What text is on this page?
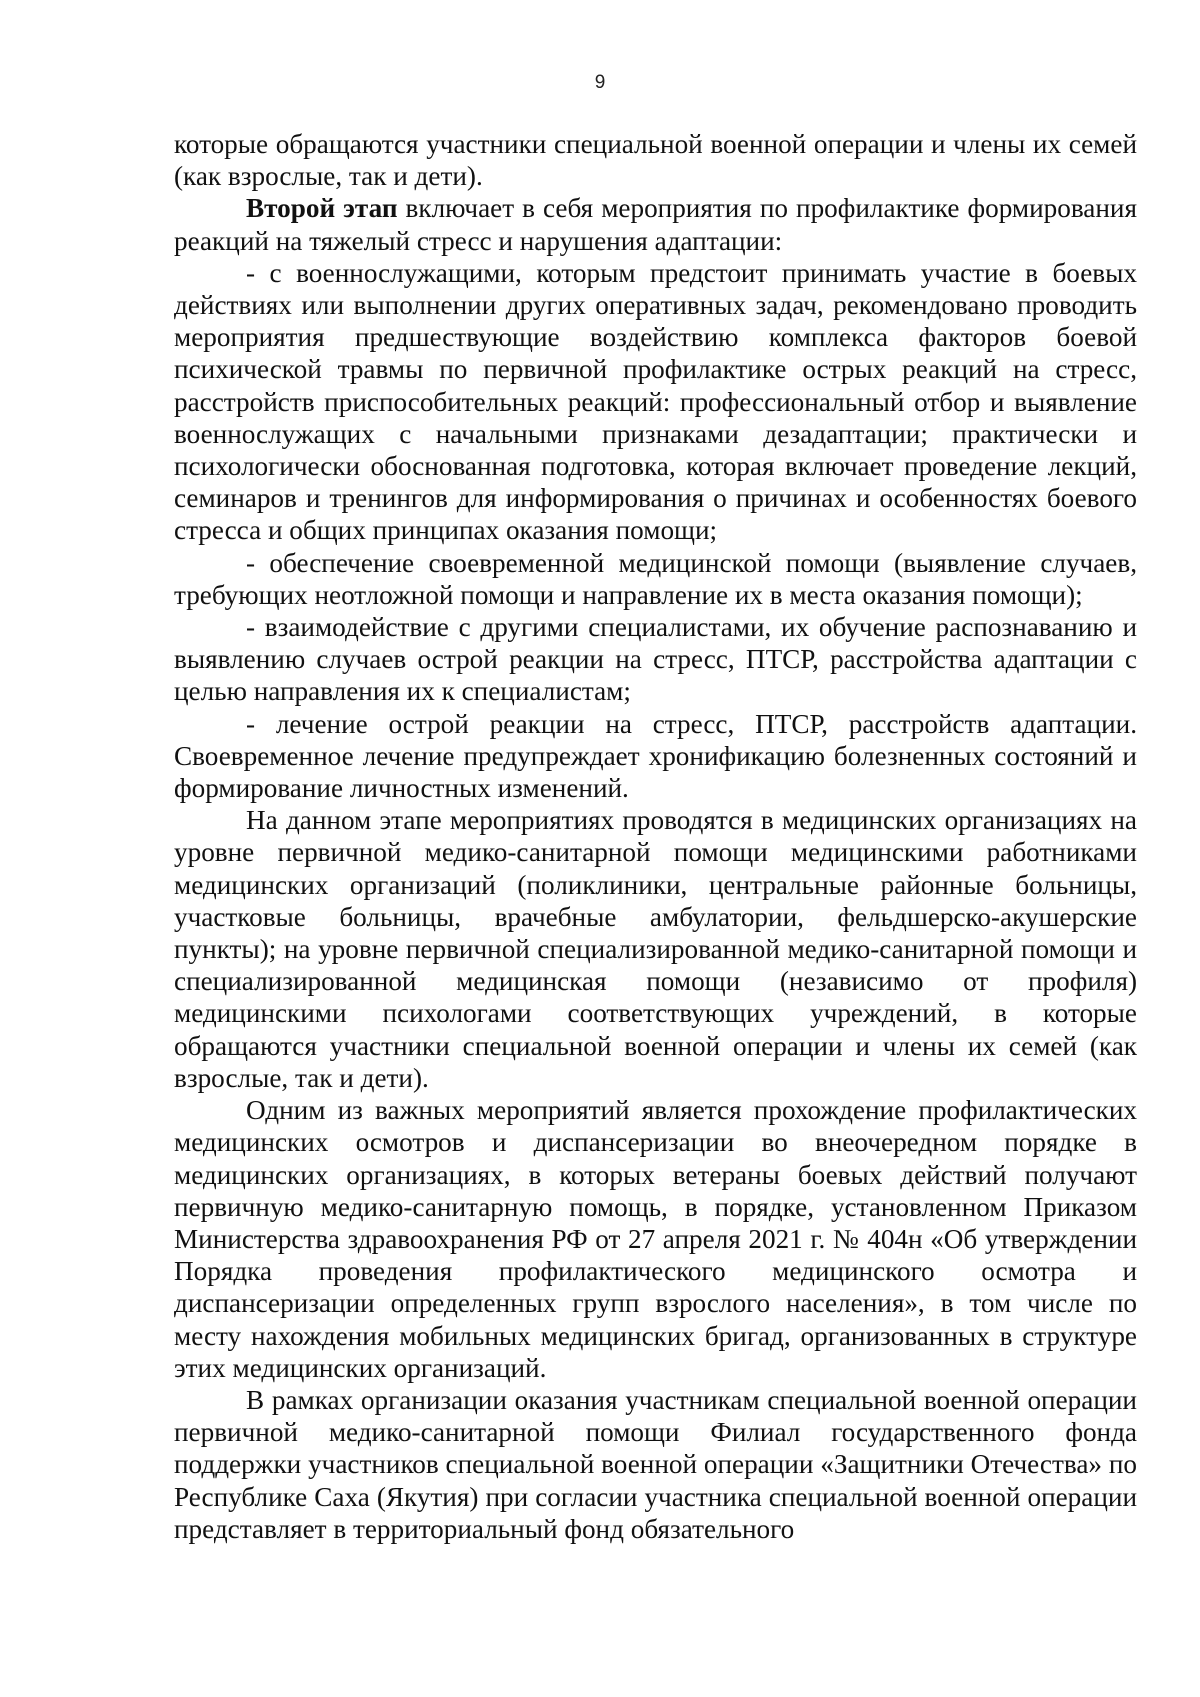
9

которые обращаются участники специальной военной операции и члены их семей (как взрослые, так и дети).

Второй этап включает в себя мероприятия по профилактике формирования реакций на тяжелый стресс и нарушения адаптации:

- с военнослужащими, которым предстоит принимать участие в боевых действиях или выполнении других оперативных задач, рекомендовано проводить мероприятия предшествующие воздействию комплекса факторов боевой психической травмы по первичной профилактике острых реакций на стресс, расстройств приспособительных реакций: профессиональный отбор и выявление военнослужащих с начальными признаками дезадаптации; практически и психологически обоснованная подготовка, которая включает проведение лекций, семинаров и тренингов для информирования о причинах и особенностях боевого стресса и общих принципах оказания помощи;

- обеспечение своевременной медицинской помощи (выявление случаев, требующих неотложной помощи и направление их в места оказания помощи);

- взаимодействие с другими специалистами, их обучение распознаванию и выявлению случаев острой реакции на стресс, ПТСР, расстройства адаптации с целью направления их к специалистам;

- лечение острой реакции на стресс, ПТСР, расстройств адаптации. Своевременное лечение предупреждает хронификацию болезненных состояний и формирование личностных изменений.

На данном этапе мероприятиях проводятся в медицинских организациях на уровне первичной медико-санитарной помощи медицинскими работниками медицинских организаций (поликлиники, центральные районные больницы, участковые больницы, врачебные амбулатории, фельдшерско-акушерские пункты); на уровне первичной специализированной медико-санитарной помощи и специализированной медицинская помощи (независимо от профиля) медицинскими психологами соответствующих учреждений, в которые обращаются участники специальной военной операции и члены их семей (как взрослые, так и дети).

Одним из важных мероприятий является прохождение профилактических медицинских осмотров и диспансеризации во внеочередном порядке в медицинских организациях, в которых ветераны боевых действий получают первичную медико-санитарную помощь, в порядке, установленном Приказом Министерства здравоохранения РФ от 27 апреля 2021 г. № 404н «Об утверждении Порядка проведения профилактического медицинского осмотра и диспансеризации определенных групп взрослого населения», в том числе по месту нахождения мобильных медицинских бригад, организованных в структуре этих медицинских организаций.

В рамках организации оказания участникам специальной военной операции первичной медико-санитарной помощи Филиал государственного фонда поддержки участников специальной военной операции «Защитники Отечества» по Республике Саха (Якутия) при согласии участника специальной военной операции представляет в территориальный фонд обязательного
